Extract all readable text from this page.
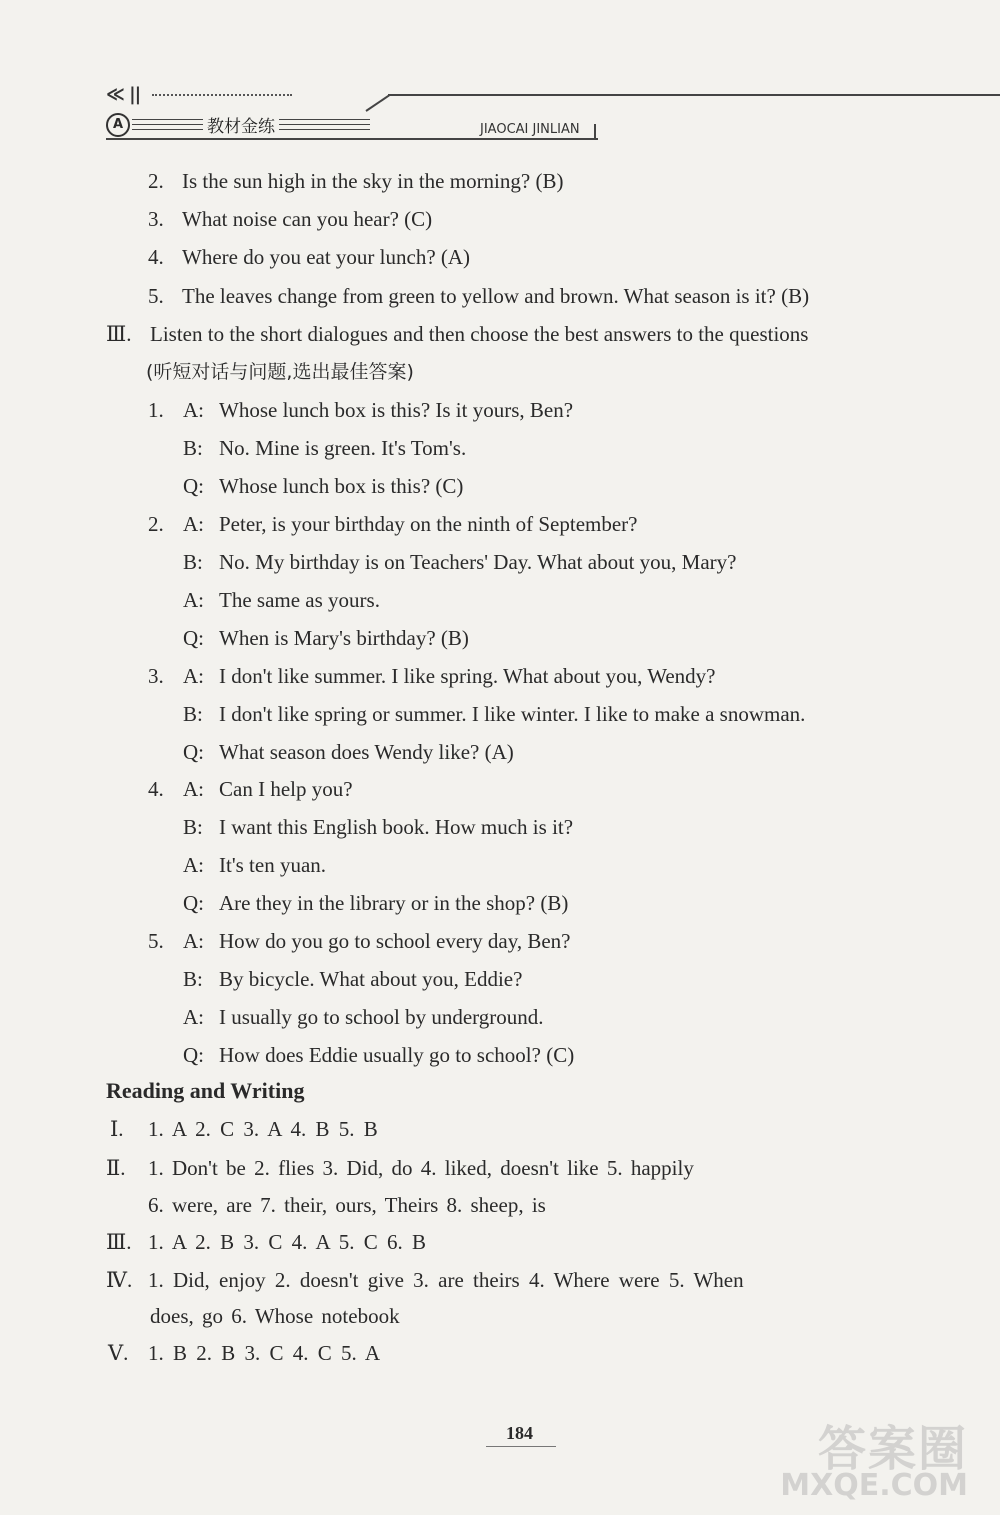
≪ ||
A	教材金练	JIAOCAI JINLIAN
2. Is the sun high in the sky in the morning? (B)
3. What noise can you hear? (C)
4. Where do you eat your lunch? (A)
5. The leaves change from green to yellow and brown. What season is it? (B)
Ⅲ. Listen to the short dialogues and then choose the best answers to the questions
(听短对话与问题,选出最佳答案)
1. A: Whose lunch box is this? Is it yours, Ben?
B: No. Mine is green. It's Tom's.
Q: Whose lunch box is this? (C)
2. A: Peter, is your birthday on the ninth of September?
B: No. My birthday is on Teachers' Day. What about you, Mary?
A: The same as yours.
Q: When is Mary's birthday? (B)
3. A: I don't like summer. I like spring. What about you, Wendy?
B: I don't like spring or summer. I like winter. I like to make a snowman.
Q: What season does Wendy like? (A)
4. A: Can I help you?
B: I want this English book. How much is it?
A: It's ten yuan.
Q: Are they in the library or in the shop? (B)
5. A: How do you go to school every day, Ben?
B: By bicycle. What about you, Eddie?
A: I usually go to school by underground.
Q: How does Eddie usually go to school? (C)
Reading and Writing
Ⅰ. 1. A 2. C 3. A 4. B 5. B
Ⅱ. 1. Don't be 2. flies 3. Did, do 4. liked, doesn't like 5. happily
6. were, are 7. their, ours, Theirs 8. sheep, is
Ⅲ. 1. A 2. B 3. C 4. A 5. C 6. B
Ⅳ. 1. Did, enjoy 2. doesn't give 3. are theirs 4. Where were 5. When
does, go 6. Whose notebook
Ⅴ. 1. B 2. B 3. C 4. C 5. A
184	答案圈
MXQE.COM
